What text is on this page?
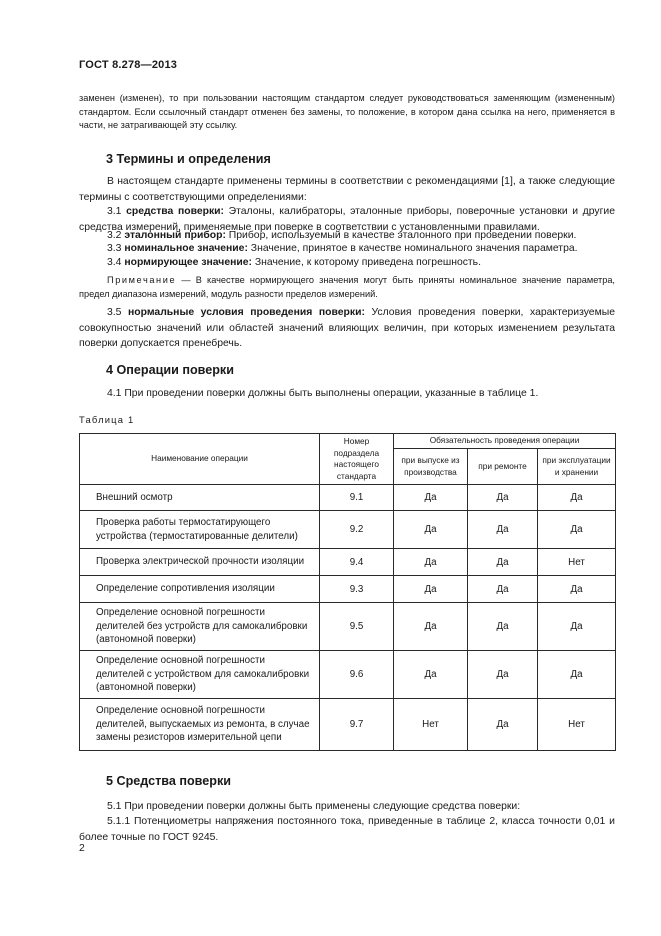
ГОСТ 8.278—2013
заменен (изменен), то при пользовании настоящим стандартом следует руководствоваться заменяющим (измененным) стандартом. Если ссылочный стандарт отменен без замены, то положение, в котором дана ссылка на него, применяется в части, не затрагивающей эту ссылку.
3 Термины и определения
В настоящем стандарте применены термины в соответствии с рекомендациями [1], а также следующие термины с соответствующими определениями:
3.1 средства поверки: Эталоны, калибраторы, эталонные приборы, поверочные установки и другие средства измерений, применяемые при поверке в соответствии с установленными правилами.
3.2 эталонный прибор: Прибор, используемый в качестве эталонного при проведении поверки.
3.3 номинальное значение: Значение, принятое в качестве номинального значения параметра.
3.4 нормирующее значение: Значение, к которому приведена погрешность.
Примечание — В качестве нормирующего значения могут быть приняты номинальное значение параметра, предел диапазона измерений, модуль разности пределов измерений.
3.5 нормальные условия проведения поверки: Условия проведения поверки, характеризуемые совокупностью значений или областей значений влияющих величин, при которых изменением результата поверки допускается пренебречь.
4 Операции поверки
4.1 При проведении поверки должны быть выполнены операции, указанные в таблице 1.
Таблица 1
Наименование операции	Номер подраздела настоящего стандарта	Обязательность проведения операции		
		при выпуске из производства	при ремонте	при эксплуатации и хранении
Внешний осмотр	9.1	Да	Да	Да
Проверка работы термостатирующего устройства (термостатированные делители)	9.2	Да	Да	Да
Проверка электрической прочности изоляции	9.4	Да	Да	Нет
Определение сопротивления изоляции	9.3	Да	Да	Да
Определение основной погрешности делителей без устройств для самокалибровки (автономной поверки)	9.5	Да	Да	Да
Определение основной погрешности делителей с устройством для самокалибровки (автономной поверки)	9.6	Да	Да	Да
Определение основной погрешности делителей, выпускаемых из ремонта, в случае замены резисторов измерительной цепи	9.7	Нет	Да	Нет
5 Средства поверки
5.1 При проведении поверки должны быть применены следующие средства поверки:
5.1.1 Потенциометры напряжения постоянного тока, приведенные в таблице 2, класса точности 0,01 и более точные по ГОСТ 9245.
2
